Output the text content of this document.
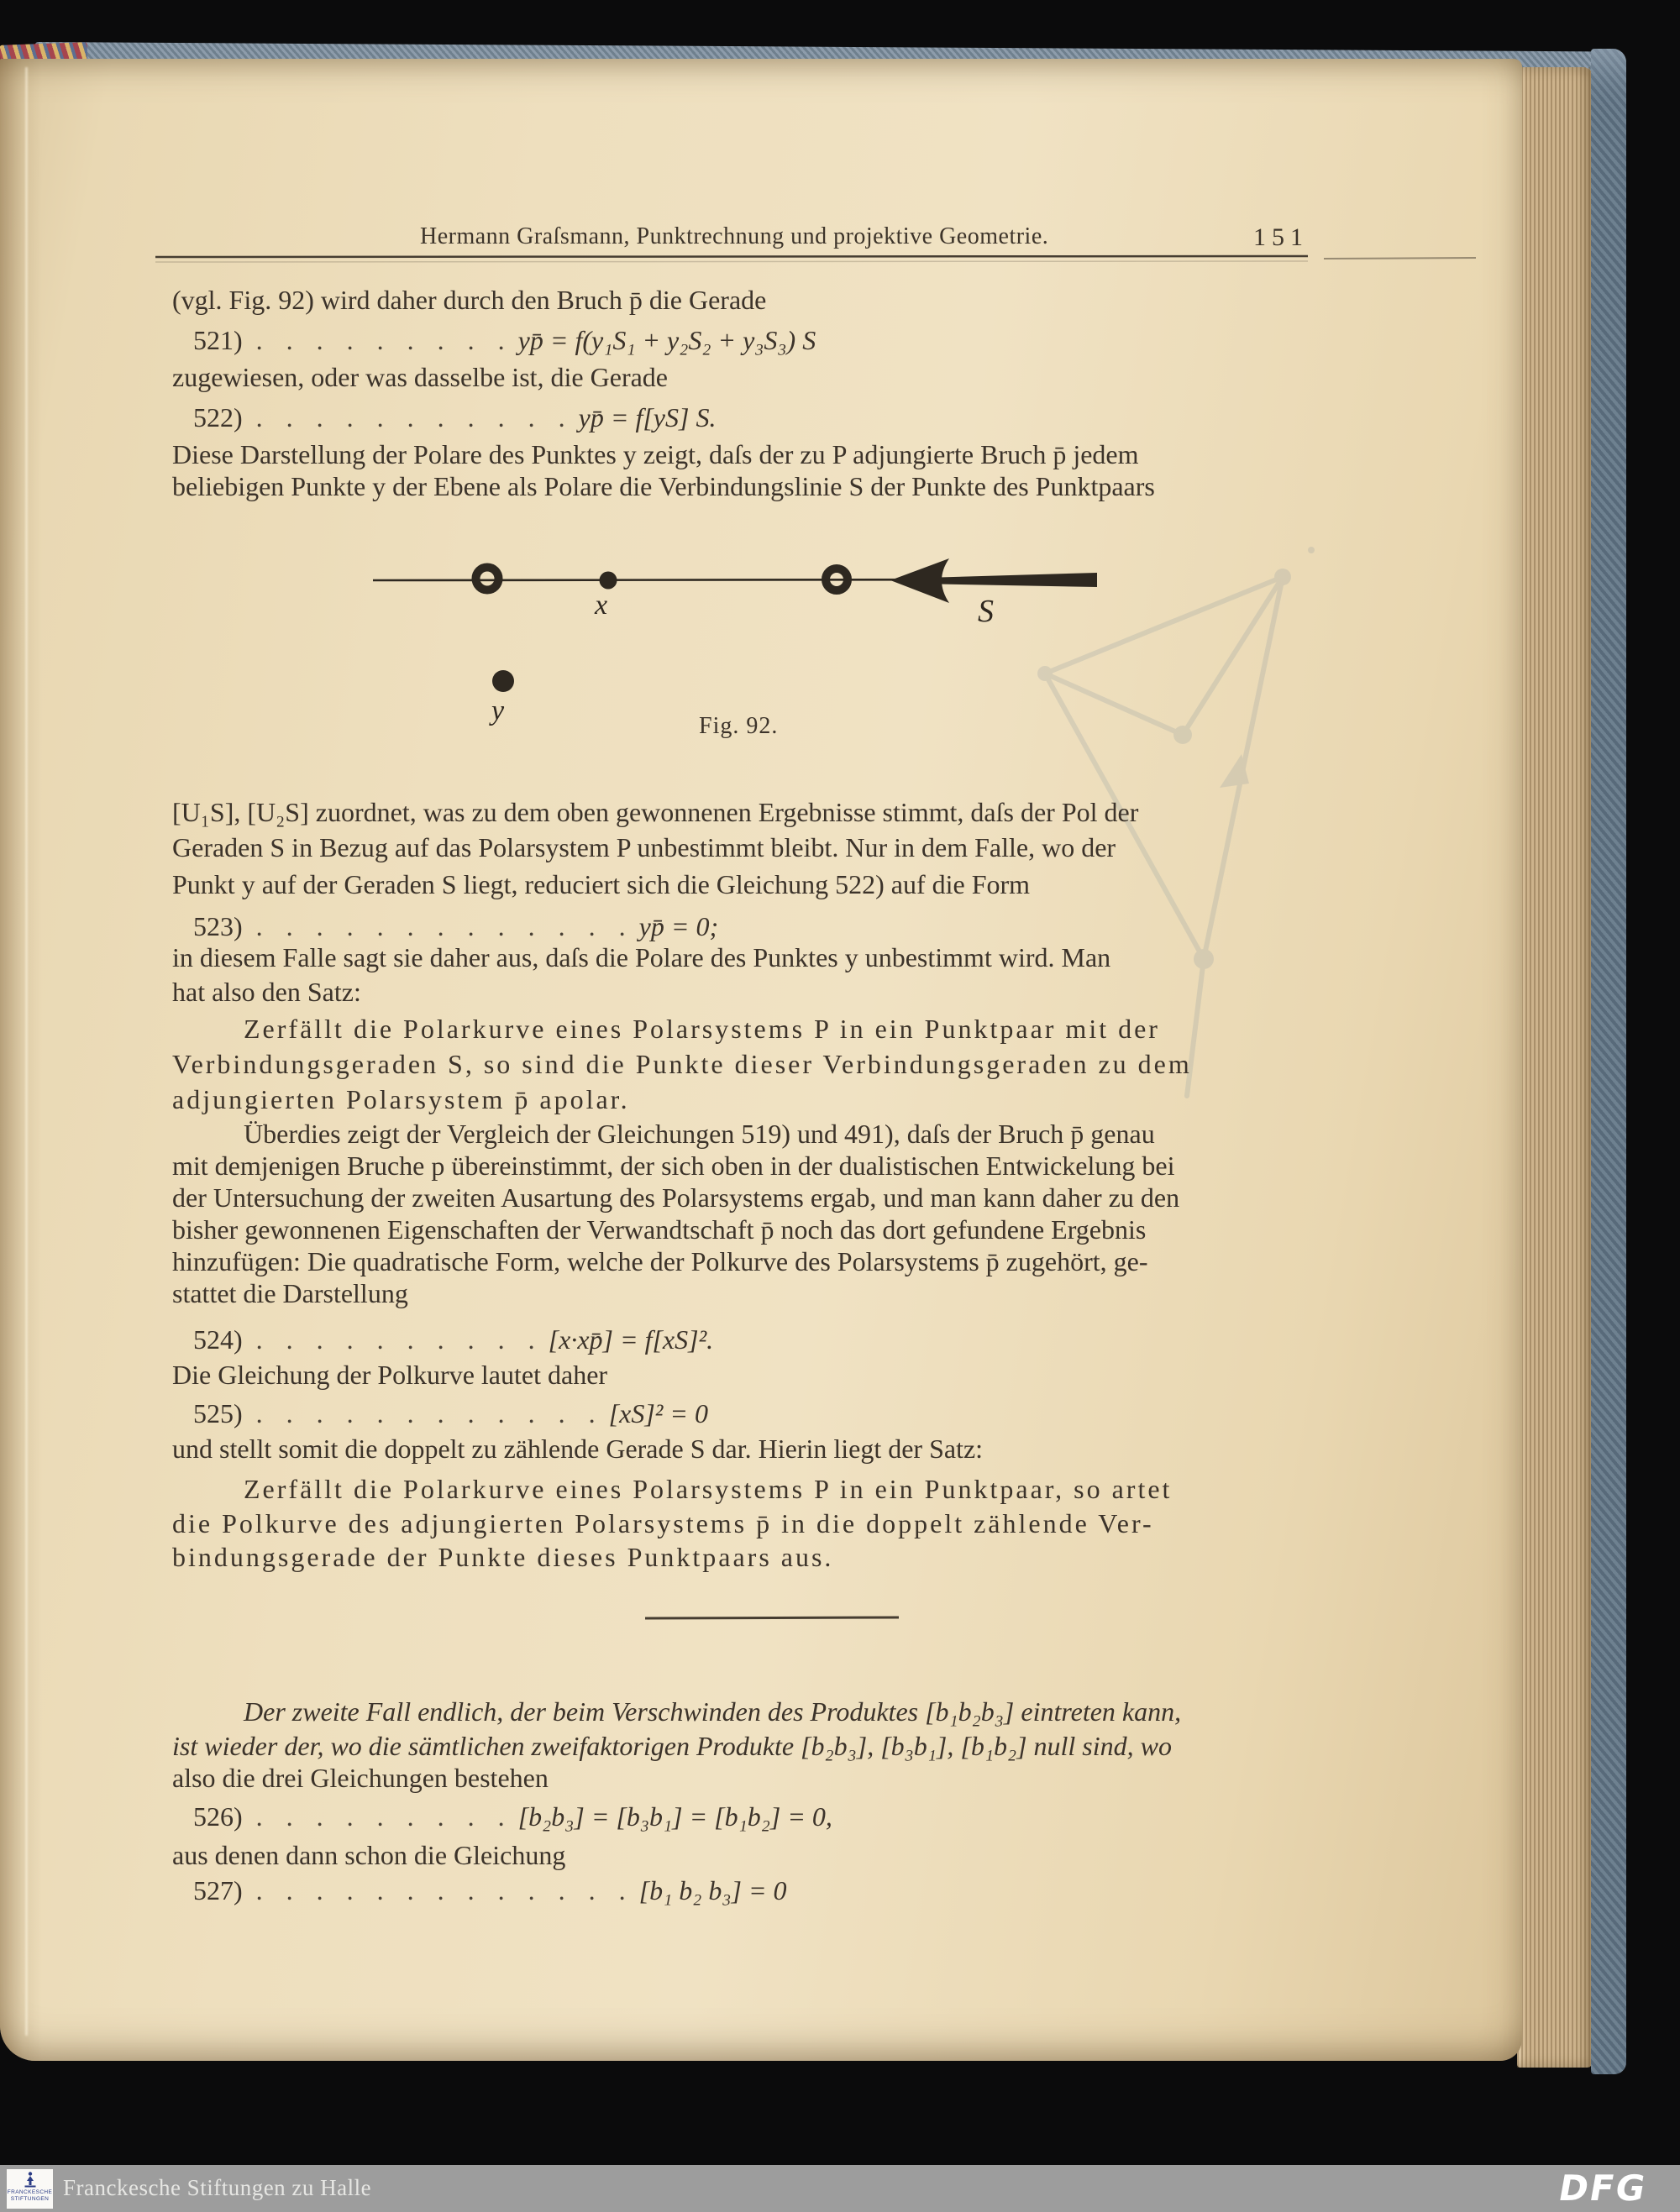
Hermann Graſsmann, Punktrechnung und projektive Geometrie.	151
x	S
y	Fig. 92.
(vgl. Fig. 92) wird daher durch den Bruch p̄ die Gerade
521) . . . . . . . . . yp̄ = f(y₁S₁ + y₂S₂ + y₃S₃) S
zugewiesen, oder was dasselbe ist, die Gerade
522) . . . . . . . . . . . yp̄ = f[yS] S.
Diese Darstellung der Polare des Punktes y zeigt, daſs der zu P adjungierte Bruch p̄ jedem
beliebigen Punkte y der Ebene als Polare die Verbindungslinie S der Punkte des Punktpaars
[U₁S], [U₂S] zuordnet, was zu dem oben gewonnenen Ergebnisse stimmt, daſs der Pol der
Geraden S in Bezug auf das Polarsystem P unbestimmt bleibt. Nur in dem Falle, wo der
Punkt y auf der Geraden S liegt, reduciert sich die Gleichung 522) auf die Form
523) . . . . . . . . . . . . . yp̄ = 0;
in diesem Falle sagt sie daher aus, daſs die Polare des Punktes y unbestimmt wird. Man
hat also den Satz:
Zerfällt die Polarkurve eines Polarsystems P in ein Punktpaar mit der
Verbindungsgeraden S, so sind die Punkte dieser Verbindungsgeraden zu dem
adjungierten Polarsystem p̄ apolar.
Überdies zeigt der Vergleich der Gleichungen 519) und 491), daſs der Bruch p̄ genau
mit demjenigen Bruche p übereinstimmt, der sich oben in der dualistischen Entwickelung bei
der Untersuchung der zweiten Ausartung des Polarsystems ergab, und man kann daher zu den
bisher gewonnenen Eigenschaften der Verwandtschaft p̄ noch das dort gefundene Ergebnis
hinzufügen: Die quadratische Form, welche der Polkurve des Polarsystems p̄ zugehört, ge-
stattet die Darstellung
524) . . . . . . . . . . [x·xp̄] = f[xS]².
Die Gleichung der Polkurve lautet daher
525) . . . . . . . . . . . . [xS]² = 0
und stellt somit die doppelt zu zählende Gerade S dar. Hierin liegt der Satz:
Zerfällt die Polarkurve eines Polarsystems P in ein Punktpaar, so artet
die Polkurve des adjungierten Polarsystems p̄ in die doppelt zählende Ver-
bindungsgerade der Punkte dieses Punktpaars aus.
Der zweite Fall endlich, der beim Verschwinden des Produktes [b₁b₂b₃] eintreten kann,
ist wieder der, wo die sämtlichen zweifaktorigen Produkte [b₂b₃], [b₃b₁], [b₁b₂] null sind, wo
also die drei Gleichungen bestehen
526) . . . . . . . . . [b₂b₃] = [b₃b₁] = [b₁b₂] = 0,
aus denen dann schon die Gleichung
527) . . . . . . . . . . . . . [b₁ b₂ b₃] = 0
FRANCKESCHE
STIFTUNGEN Franckesche Stiftungen zu Halle	DFG
